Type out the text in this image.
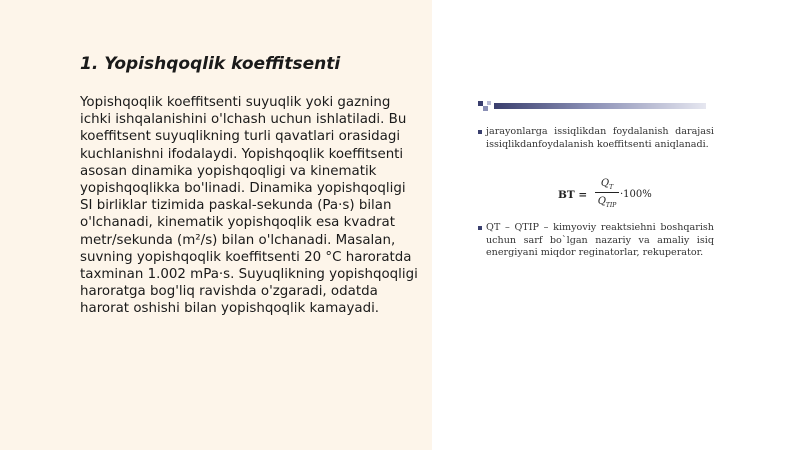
1. Yopishqoqlik koeffitsenti

Yopishqoqlik koeffitsenti suyuqlik yoki gazning ichki ishqalanishini o'lchash uchun ishlatiladi. Bu koeffitsent suyuqlikning turli qavatlari orasidagi kuchlanishni ifodalaydi. Yopishqoqlik koeffitsenti asosan dinamika yopishqoqligi va kinematik yopishqoqlikka bo'linadi. Dinamika yopishqoqligi SI birliklar tizimida paskal-sekunda (Pa·s) bilan o'lchanadi, kinematik yopishqoqlik esa kvadrat metr/sekunda (m²/s) bilan o'lchanadi. Masalan, suvning yopishqoqlik koeffitsenti 20 °C haroratda taxminan 1.002 mPa·s. Suyuqlikning yopishqoqligi haroratga bog'liq ravishda o'zgaradi, odatda harorat oshishi bilan yopishqoqlik kamayadi.

jarayonlarga issiqlikdan foydalanish darajasi issiqlikdanfoydalanish koeffitsenti aniqlanadi.
BT =
$Q_T$
$Q_{TIP}$
·100%
QT – QTIP – kimyoviy reaktsiehni boshqarish uchun sarf bo`lgan nazariy va amaliy isiq energiyani miqdor reginatorlar, rekuperator.
